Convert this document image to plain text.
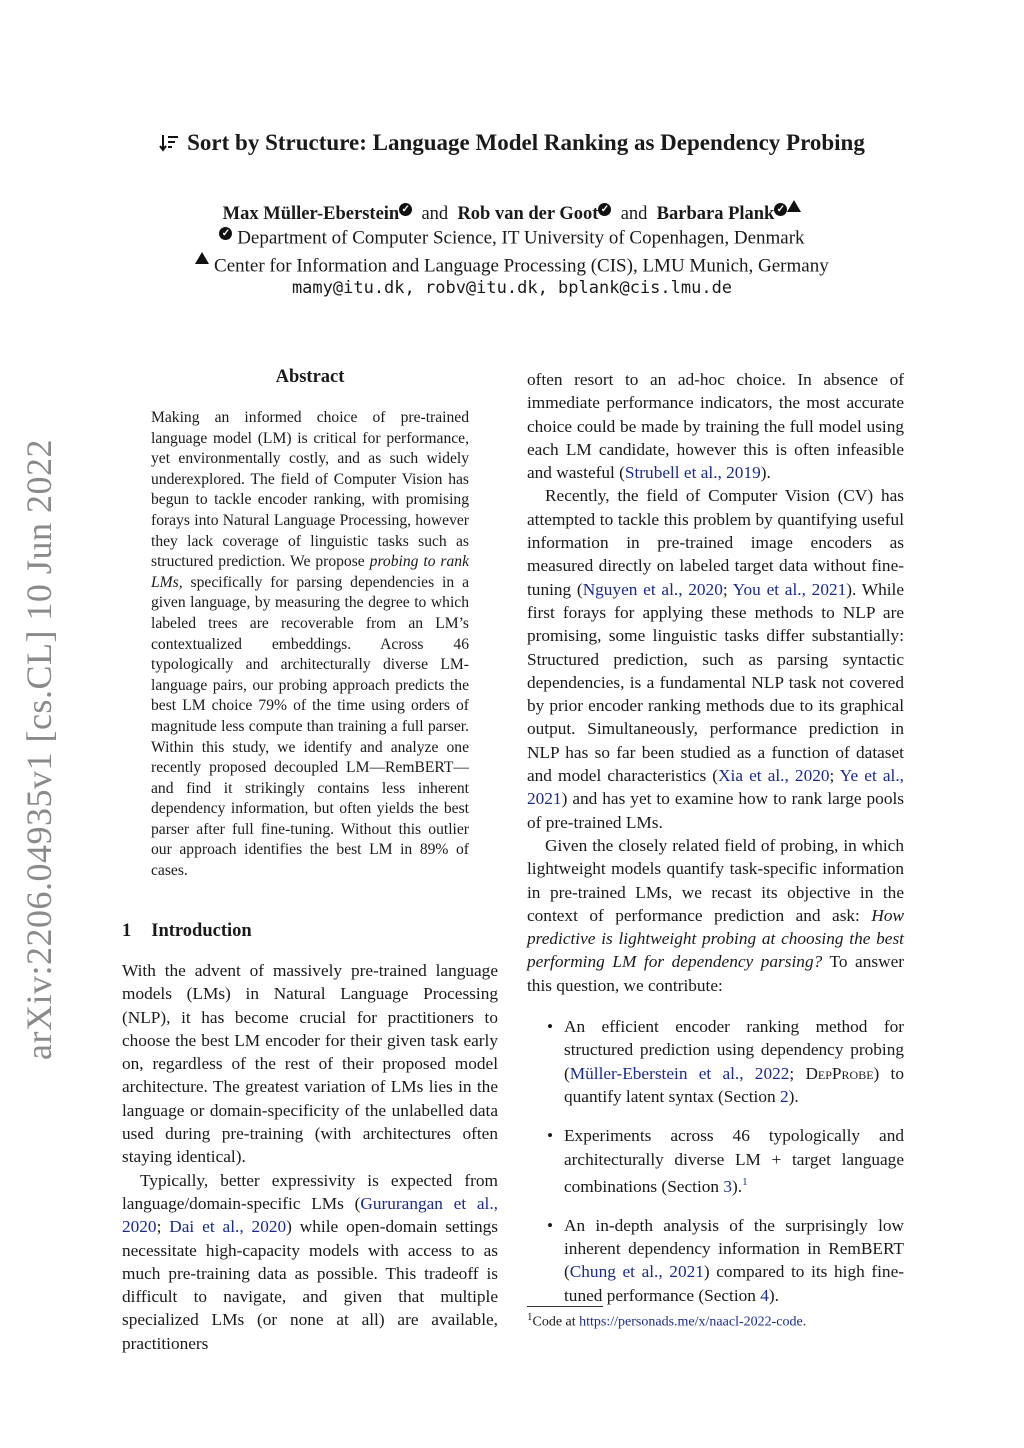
arXiv:2206.04935v1 [cs.CL] 10 Jun 2022
Sort by Structure: Language Model Ranking as Dependency Probing
Max Müller-Eberstein ✓ and Rob van der Goot ✓ and Barbara Plank ✓
✓ Department of Computer Science, IT University of Copenhagen, Denmark
Center for Information and Language Processing (CIS), LMU Munich, Germany
mamy@itu.dk, robv@itu.dk, bplank@cis.lmu.de
Abstract
Making an informed choice of pre-trained language model (LM) is critical for performance, yet environmentally costly, and as such widely underexplored. The field of Computer Vision has begun to tackle encoder ranking, with promising forays into Natural Language Processing, however they lack coverage of linguistic tasks such as structured prediction. We propose probing to rank LMs, specifically for parsing dependencies in a given language, by measuring the degree to which labeled trees are recoverable from an LM’s contextualized embeddings. Across 46 typologically and architecturally diverse LM-language pairs, our probing approach predicts the best LM choice 79% of the time using orders of magnitude less compute than training a full parser. Within this study, we identify and analyze one recently proposed decoupled LM—RemBERT—and find it strikingly contains less inherent dependency information, but often yields the best parser after full fine-tuning. Without this outlier our approach identifies the best LM in 89% of cases.
1 Introduction

With the advent of massively pre-trained language models (LMs) in Natural Language Processing (NLP), it has become crucial for practitioners to choose the best LM encoder for their given task early on, regardless of the rest of their proposed model architecture. The greatest variation of LMs lies in the language or domain-specificity of the unlabelled data used during pre-training (with architectures often staying identical).

Typically, better expressivity is expected from language/domain-specific LMs (Gururangan et al., 2020; Dai et al., 2020) while open-domain settings necessitate high-capacity models with access to as much pre-training data as possible. This tradeoff is difficult to navigate, and given that multiple specialized LMs (or none at all) are available, practitioners

often resort to an ad-hoc choice. In absence of immediate performance indicators, the most accurate choice could be made by training the full model using each LM candidate, however this is often infeasible and wasteful (Strubell et al., 2019).

Recently, the field of Computer Vision (CV) has attempted to tackle this problem by quantifying useful information in pre-trained image encoders as measured directly on labeled target data without fine-tuning (Nguyen et al., 2020; You et al., 2021). While first forays for applying these methods to NLP are promising, some linguistic tasks differ substantially: Structured prediction, such as parsing syntactic dependencies, is a fundamental NLP task not covered by prior encoder ranking methods due to its graphical output. Simultaneously, performance prediction in NLP has so far been studied as a function of dataset and model characteristics (Xia et al., 2020; Ye et al., 2021) and has yet to examine how to rank large pools of pre-trained LMs.

Given the closely related field of probing, in which lightweight models quantify task-specific information in pre-trained LMs, we recast its objective in the context of performance prediction and ask: How predictive is lightweight probing at choosing the best performing LM for dependency parsing? To answer this question, we contribute:

• An efficient encoder ranking method for structured prediction using dependency probing (Müller-Eberstein et al., 2022; DepProbe) to quantify latent syntax (Section 2).
• Experiments across 46 typologically and architecturally diverse LM + target language combinations (Section 3).$^1$
• An in-depth analysis of the surprisingly low inherent dependency information in RemBERT (Chung et al., 2021) compared to its high fine-tuned performance (Section 4).
$^1$Code at https://personads.me/x/naacl-2022-code.
